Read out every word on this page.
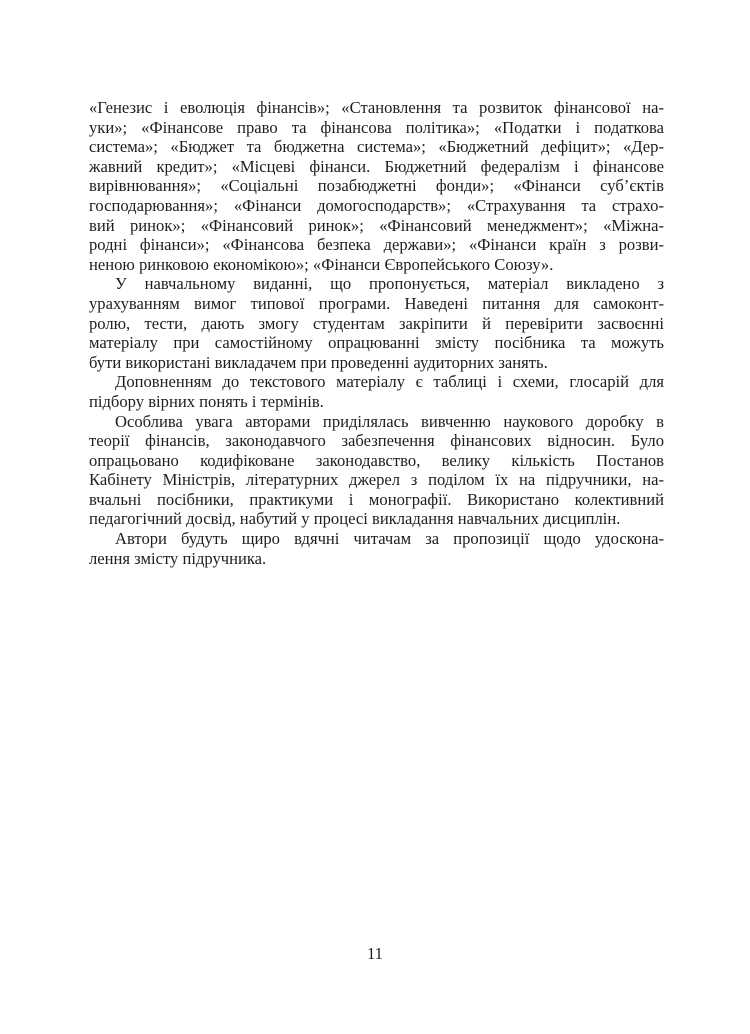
«Генезис і еволюція фінансів»; «Становлення та розвиток фінансової на-
уки»; «Фінансове право та фінансова політика»; «Податки і податкова
система»; «Бюджет та бюджетна система»; «Бюджетний дефіцит»; «Дер-
жавний кредит»; «Місцеві фінанси. Бюджетний федералізм і фінансове
вирівнювання»; «Соціальні позабюджетні фонди»; «Фінанси суб’єктів
господарювання»; «Фінанси домогосподарств»; «Страхування та страхо-
вий ринок»; «Фінансовий ринок»; «Фінансовий менеджмент»; «Міжна-
родні фінанси»; «Фінансова безпека держави»; «Фінанси країн з розви-
неною ринковою економікою»; «Фінанси Європейського Союзу».

У навчальному виданні, що пропонується, матеріал викладено з
урахуванням вимог типової програми. Наведені питання для самоконт-
ролю, тести, дають змогу студентам закріпити й перевірити засвоєнні
матеріалу при самостійному опрацюванні змісту посібника та можуть
бути використані викладачем при проведенні аудиторних занять.

Доповненням до текстового матеріалу є таблиці і схеми, глосарій для
підбору вірних понять і термінів.

Особлива увага авторами приділялась вивченню наукового доробку в
теорії фінансів, законодавчого забезпечення фінансових відносин. Було
опрацьовано кодифіковане законодавство, велику кількість Постанов
Кабінету Міністрів, літературних джерел з поділом їх на підручники, на-
вчальні посібники, практикуми і монографії. Використано колективний
педагогічний досвід, набутий у процесі викладання навчальних дисциплін.

Автори будуть щиро вдячні читачам за пропозиції щодо удоскона-
лення змісту підручника.

11
